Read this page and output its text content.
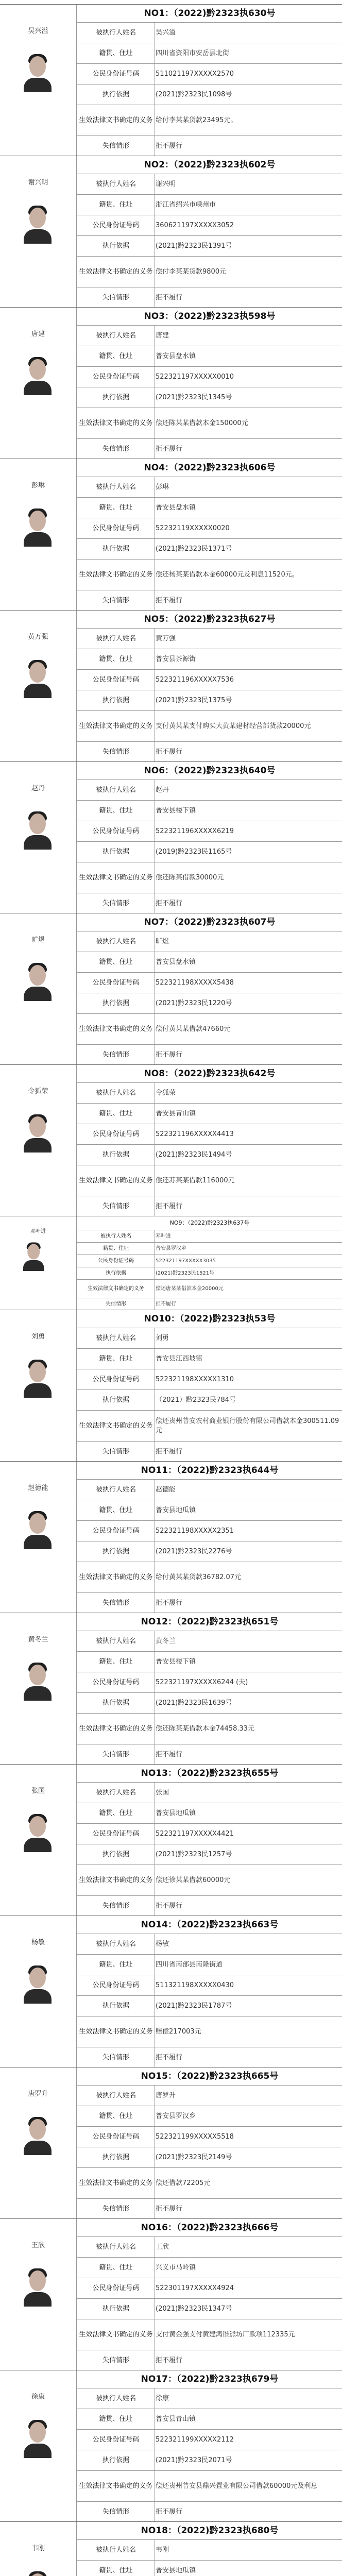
吴兴溢
NO1：（2022)黔2323执630号
被执行人姓名	吴兴溢
籍贯、住址	四川省资阳市安岳县北街
公民身份证号码	511021197XXXXX2570
执行依据	(2021)黔2323民1098号
生效法律文书确定的义务 给付李某某货款23495元。
失信情形	拒不履行
谢兴明
NO2：（2022)黔2323执602号
被执行人姓名	谢兴明
籍贯、住址	浙江省绍兴市嵊州市
公民身份证号码	360621197XXXXX3052
执行依据	(2021)黔2323民1391号
生效法律文书确定的义务 偿付李某某货款9800元
失信情形	拒不履行
唐建
NO3：（2022)黔2323执598号
被执行人姓名	唐建
籍贯、住址	普安县盘水镇
公民身份证号码	522321197XXXXX0010
执行依据	(2021)黔2323民1345号
生效法律文书确定的义务 偿还陈某某借款本金150000元
失信情形	拒不履行
彭琳
NO4：（2022)黔2323执606号
被执行人姓名	彭琳
籍贯、住址	普安县盘水镇
公民身份证号码	52232119XXXXX0020
执行依据	(2021)黔2323民1371号
生效法律文书确定的义务 偿还杨某某借款本金60000元及利息11520元。
失信情形	拒不履行
黄万强
NO5：（2022)黔2323执627号
被执行人姓名	黄万强
籍贯、住址	普安县茶源街
公民身份证号码	522321196XXXXX7536
执行依据	(2021)黔2323民1375号
生效法律文书确定的义务 支付黄某某支付购买大黄某建材经营部货款20000元
失信情形	拒不履行
赵丹
NO6：（2022)黔2323执640号
被执行人姓名	赵丹
籍贯、住址	普安县楼下镇
公民身份证号码	522321196XXXXX6219
执行依据	(2019)黔2323民1165号
生效法律文书确定的义务 偿还陈某借款30000元
失信情形	拒不履行
旷煜
NO7：（2022)黔2323执607号
被执行人姓名	旷煜
籍贯、住址	普安县盘水镇
公民身份证号码	522321198XXXXX5438
执行依据	(2021)黔2323民1220号
生效法律文书确定的义务 偿付黄某某借款47660元
失信情形	拒不履行
令狐荣
NO8：（2022)黔2323执642号
被执行人姓名	令狐荣
籍贯、住址	普安县青山镇
公民身份证号码	522321196XXXXX4413
执行依据	(2021)黔2323民1494号
生效法律文书确定的义务 偿还苏某某借款116000元
失信情形	拒不履行
邓叶进
NO9：（2022)黔2323执637号
被执行人姓名	邓叶进
籍贯、住址	普安县罗汉乡
公民身份证号码	522321197XXXXX3035
执行依据	(2021)黔2323民1521号
生效法律文书确定的义务	偿还唐某某借款本金20000元
失信情形	拒不履行
刘勇
NO10：（2022)黔2323执53号
被执行人姓名	刘勇
籍贯、住址	普安县江西坡镇
公民身份证号码	522321198XXXXX1310
执行依据	（2021）黔2323民784号
生效法律文书确定的义务
偿还贵州普安农村商业银行股份有限公司借款本金300511.09元
失信情形	拒不履行
赵德能
NO11：（2022)黔2323执644号
被执行人姓名	赵德能
籍贯、住址	普安县地瓜镇
公民身份证号码	522321198XXXXX2351
执行依据	(2021)黔2323民2276号
生效法律文书确定的义务 给付黄某某货款36782.07元
失信情形	拒不履行
黄冬兰
NO12：（2022)黔2323执651号
被执行人姓名	黄冬兰
籍贯、住址	普安县楼下镇
公民身份证号码	522321197XXXXX6244 (夫)
执行依据	(2021)黔2323民1639号
生效法律文书确定的义务 偿还陈某某借款本金74458.33元
失信情形	拒不履行
张国
NO13：（2022)黔2323执655号
被执行人姓名	张国
籍贯、住址	普安县地瓜镇
公民身份证号码	522321197XXXXX4421
执行依据	(2021)黔2323民1257号
生效法律文书确定的义务 偿还徐某某借款60000元
失信情形	拒不履行
杨敏
NO14：（2022)黔2323执663号
被执行人姓名	杨敏
籍贯、住址	四川省南部县南隆街道
公民身份证号码	511321198XXXXX0430
执行依据	(2021)黔2323民1787号
生效法律文书确定的义务 赔偿217003元
失信情形	拒不履行
唐罗升
NO15：（2022)黔2323执665号
被执行人姓名	唐罗升
籍贯、住址	普安县罗汉乡
公民身份证号码	522321199XXXXX5518
执行依据	(2021)黔2323民2149号
生效法律文书确定的义务 偿还借款72205元
失信情形	拒不履行
王欣
NO16：（2022)黔2323执666号
被执行人姓名	王欣
籍贯、住址	兴义市马岭镇
公民身份证号码	522301197XXXXX4924
执行依据	(2021)黔2323民1347号
生效法律文书确定的义务 支付黄金强支付黄建鸿锥熊坊厂款项112335元
失信情形	拒不履行
徐康
NO17：（2022)黔2323执679号
被执行人姓名	徐康
籍贯、住址	普安县青山镇
公民身份证号码	522321199XXXXX2112
执行依据	(2021)黔2323民2071号
生效法律文书确定的义务 偿还贵州普安县鼎兴置业有限公司借款60000元及利息
失信情形	拒不履行
韦刚
NO18：（2022)黔2323执680号
被执行人姓名	韦刚
籍贯、住址	普安县地瓜镇
